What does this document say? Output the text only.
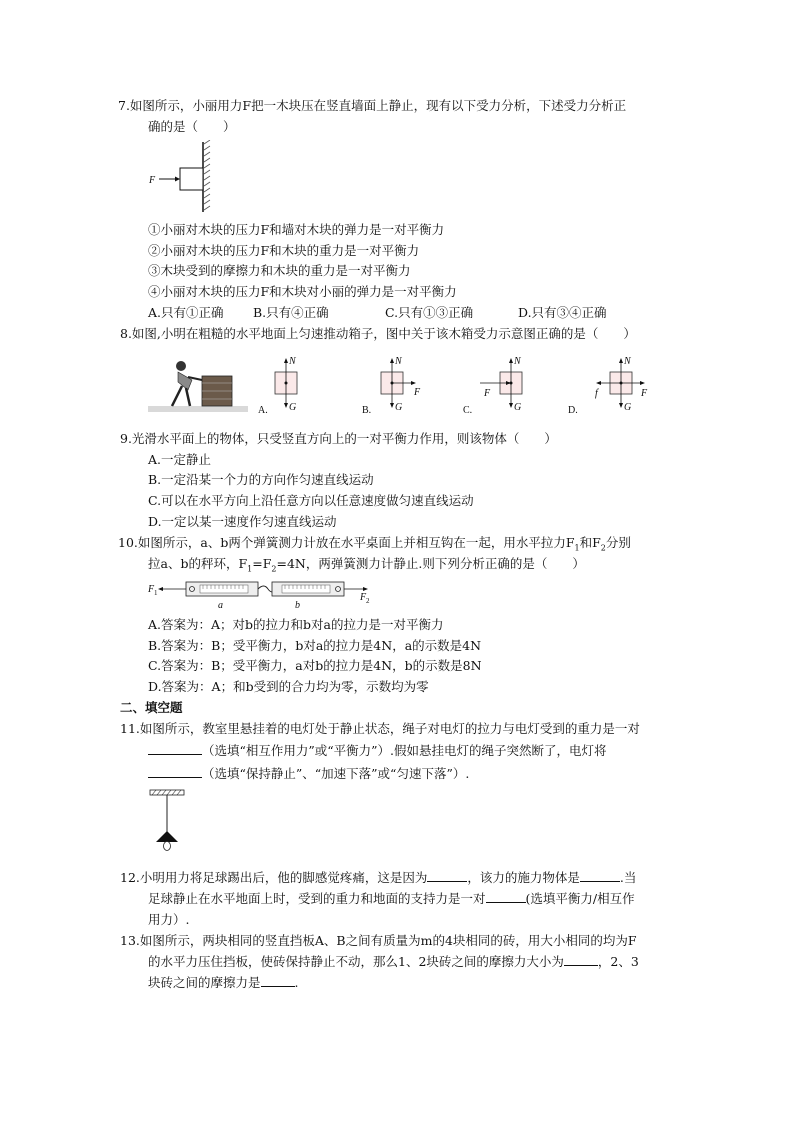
7.如图所示，小丽用力F把一木块压在竖直墙面上静止，现有以下受力分析，下述受力分析正
确的是（　　）
F
①小丽对木块的压力F和墙对木块的弹力是一对平衡力
②小丽对木块的压力F和木块的重力是一对平衡力
③木块受到的摩擦力和木块的重力是一对平衡力
④小丽对木块的压力F和木块对小丽的弹力是一对平衡力
A.只有①正确 B.只有④正确	C.只有①③正确	D.只有③④正确
8.如图,小明在粗糙的水平地面上匀速推动箱子，图中关于该木箱受力示意图正确的是（　　）
A.
N
G	B.
N
G
F
C.
N
G
F
D.
N
G
F
f
9.光滑水平面上的物体，只受竖直方向上的一对平衡力作用，则该物体（　　）
A.一定静止
B.一定沿某一个力的方向作匀速直线运动
C.可以在水平方向上沿任意方向以任意速度做匀速直线运动
D.一定以某一速度作匀速直线运动
10.如图所示，a、b两个弹簧测力计放在水平桌面上并相互钩在一起，用水平拉力$F_1$和$F_2$分别
拉a、b的秤环，$F_1=F_2=4N$，两弹簧测力计静止.则下列分析正确的是（　　）
F 1	F 2
a	b
A.答案为：A；对b的拉力和b对a的拉力是一对平衡力
B.答案为：B；受平衡力，b对a的拉力是4N，a的示数是4N
C.答案为：B；受平衡力，a对b的拉力是4N，b的示数是8N
D.答案为：A；和b受到的合力均为零，示数均为零
二、填空题
11.如图所示，教室里悬挂着的电灯处于静止状态，绳子对电灯的拉力与电灯受到的重力是一对
（选填“相互作用力”或“平衡力”）.假如悬挂电灯的绳子突然断了，电灯将
（选填“保持静止”、“加速下落”或“匀速下落”）.
12.小明用力将足球踢出后，他的脚感觉疼痛，这是因为	，该力的施力物体是	.当
足球静止在水平地面上时，受到的重力和地面的支持力是一对	(选填平衡力/相互作
用力）.
13.如图所示，两块相同的竖直挡板A、B之间有质量为m的4块相同的砖，用大小相同的均为F
的水平力压住挡板，使砖保持静止不动，那么1、2块砖之间的摩擦力大小为	，2、3
块砖之间的摩擦力是	.
